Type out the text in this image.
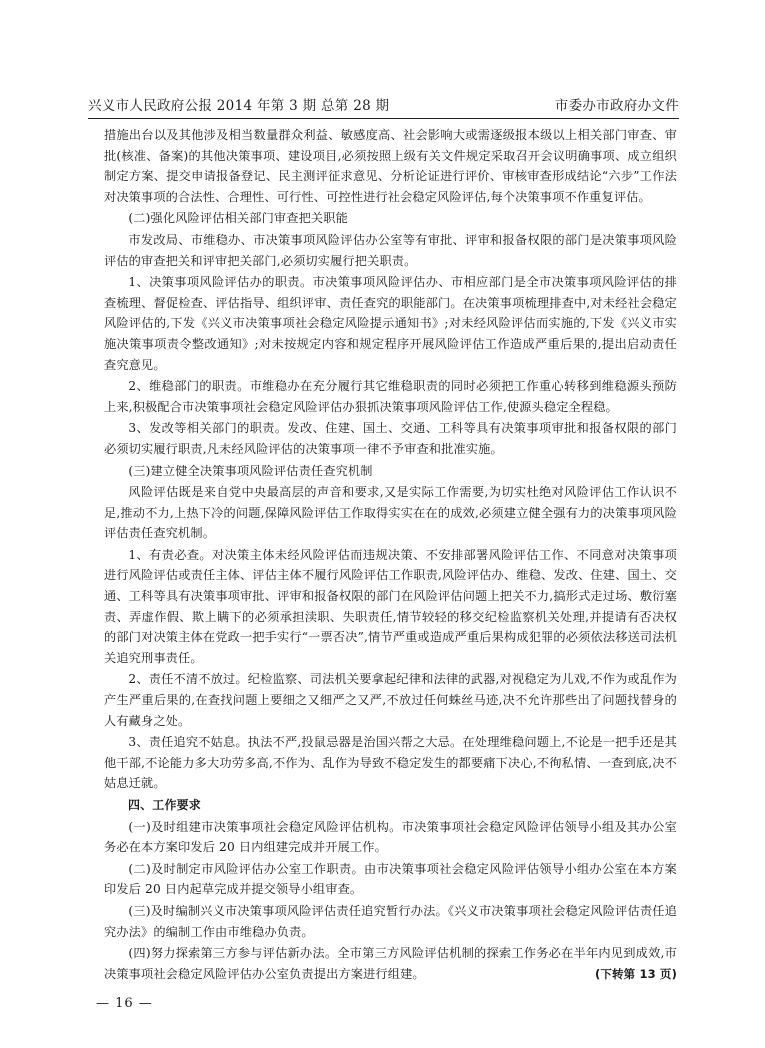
兴义市人民政府公报 2014 年第 3 期 总第 28 期	市委办市政府办文件

措施出台以及其他涉及相当数量群众利益、敏感度高、社会影响大或需逐级报本级以上相关部门审查、审批(核准、备案)的其他决策事项、建设项目,必须按照上级有关文件规定采取召开会议明确事项、成立组织制定方案、提交申请报备登记、民主测评征求意见、分析论证进行评价、审核审查形成结论“六步”工作法对决策事项的合法性、合理性、可行性、可控性进行社会稳定风险评估,每个决策事项不作重复评估。

(二)强化风险评估相关部门审查把关职能

市发改局、市维稳办、市决策事项风险评估办公室等有审批、评审和报备权限的部门是决策事项风险评估的审查把关和评审把关部门,必须切实履行把关职责。

1、决策事项风险评估办的职责。市决策事项风险评估办、市相应部门是全市决策事项风险评估的排查梳理、督促检查、评估指导、组织评审、责任查究的职能部门。在决策事项梳理排查中,对未经社会稳定风险评估的,下发《兴义市决策事项社会稳定风险提示通知书》;对未经风险评估而实施的,下发《兴义市实施决策事项责令整改通知》;对未按规定内容和规定程序开展风险评估工作造成严重后果的,提出启动责任查究意见。

2、维稳部门的职责。市维稳办在充分履行其它维稳职责的同时必须把工作重心转移到维稳源头预防上来,积极配合市决策事项社会稳定风险评估办狠抓决策事项风险评估工作,使源头稳定全程稳。

3、发改等相关部门的职责。发改、住建、国土、交通、工科等具有决策事项审批和报备权限的部门必须切实履行职责,凡未经风险评估的决策事项一律不予审查和批准实施。

(三)建立健全决策事项风险评估责任查究机制

风险评估既是来自党中央最高层的声音和要求,又是实际工作需要,为切实杜绝对风险评估工作认识不足,推动不力,上热下冷的问题,保障风险评估工作取得实实在在的成效,必须建立健全强有力的决策事项风险评估责任查究机制。

1、有责必查。对决策主体未经风险评估而违规决策、不安排部署风险评估工作、不同意对决策事项进行风险评估或责任主体、评估主体不履行风险评估工作职责,风险评估办、维稳、发改、住建、国土、交通、工科等具有决策事项审批、评审和报备权限的部门在风险评估问题上把关不力,搞形式走过场、敷衍塞责、弄虚作假、欺上瞒下的必须承担渎职、失职责任,情节较轻的移交纪检监察机关处理,并提请有否决权的部门对决策主体在党政一把手实行“一票否决”,情节严重或造成严重后果构成犯罪的必须依法移送司法机关追究刑事责任。

2、责任不清不放过。纪检监察、司法机关要拿起纪律和法律的武器,对视稳定为儿戏,不作为或乱作为产生严重后果的,在查找问题上要细之又细严之又严,不放过任何蛛丝马迹,决不允许那些出了问题找替身的人有藏身之处。

3、责任追究不姑息。执法不严,投鼠忌器是治国兴帮之大忌。在处理维稳问题上,不论是一把手还是其他干部,不论能力多大功劳多高,不作为、乱作为导致不稳定发生的都要痛下决心,不徇私情、一查到底,决不姑息迁就。

四、工作要求

(一)及时组建市决策事项社会稳定风险评估机构。市决策事项社会稳定风险评估领导小组及其办公室务必在本方案印发后 20 日内组建完成并开展工作。

(二)及时制定市风险评估办公室工作职责。由市决策事项社会稳定风险评估领导小组办公室在本方案印发后 20 日内起草完成并提交领导小组审查。

(三)及时编制兴义市决策事项风险评估责任追究暂行办法。《兴义市决策事项社会稳定风险评估责任追究办法》的编制工作由市维稳办负责。

(四)努力探索第三方参与评估新办法。全市第三方风险评估机制的探索工作务必在半年内见到成效,市决策事项社会稳定风险评估办公室负责提出方案进行组建。	(下转第 13 页)

— 16 —
